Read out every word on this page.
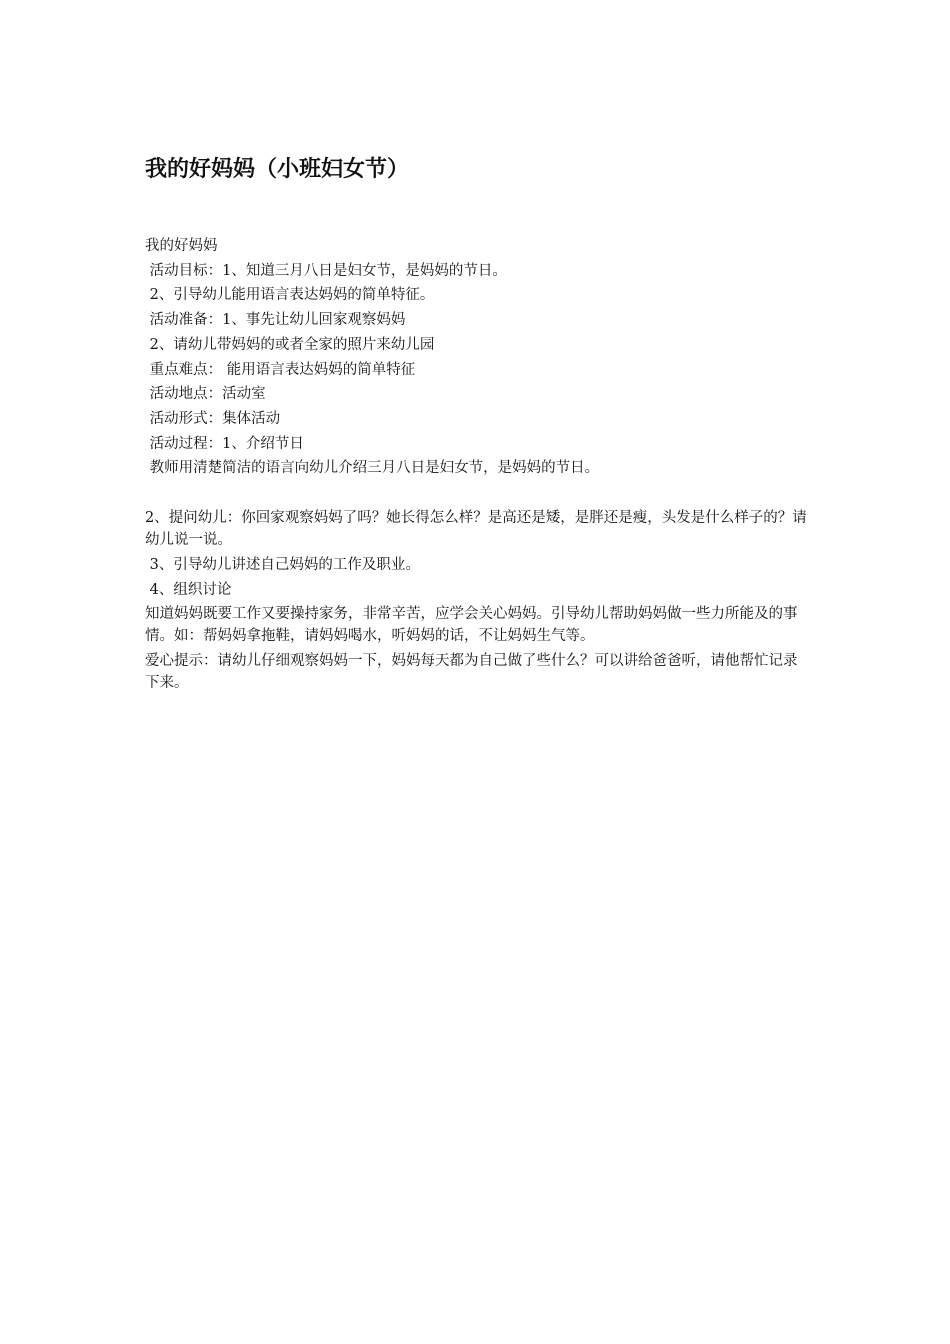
我的好妈妈（小班妇女节）

我的好妈妈

活动目标：1、知道三月八日是妇女节，是妈妈的节日。

2、引导幼儿能用语言表达妈妈的简单特征。

活动准备：1、事先让幼儿回家观察妈妈

2、请幼儿带妈妈的或者全家的照片来幼儿园

重点难点： 能用语言表达妈妈的简单特征

活动地点：活动室

活动形式：集体活动

活动过程：1、介绍节日

教师用清楚简洁的语言向幼儿介绍三月八日是妇女节，是妈妈的节日。

2、提问幼儿：你回家观察妈妈了吗？她长得怎么样？是高还是矮，是胖还是瘦，头发是什么样子的？请幼儿说一说。

3、引导幼儿讲述自己妈妈的工作及职业。

4、组织讨论

知道妈妈既要工作又要操持家务，非常辛苦，应学会关心妈妈。引导幼儿帮助妈妈做一些力所能及的事情。如：帮妈妈拿拖鞋，请妈妈喝水，听妈妈的话，不让妈妈生气等。

爱心提示：请幼儿仔细观察妈妈一下，妈妈每天都为自己做了些什么？可以讲给爸爸听，请他帮忙记录下来。
